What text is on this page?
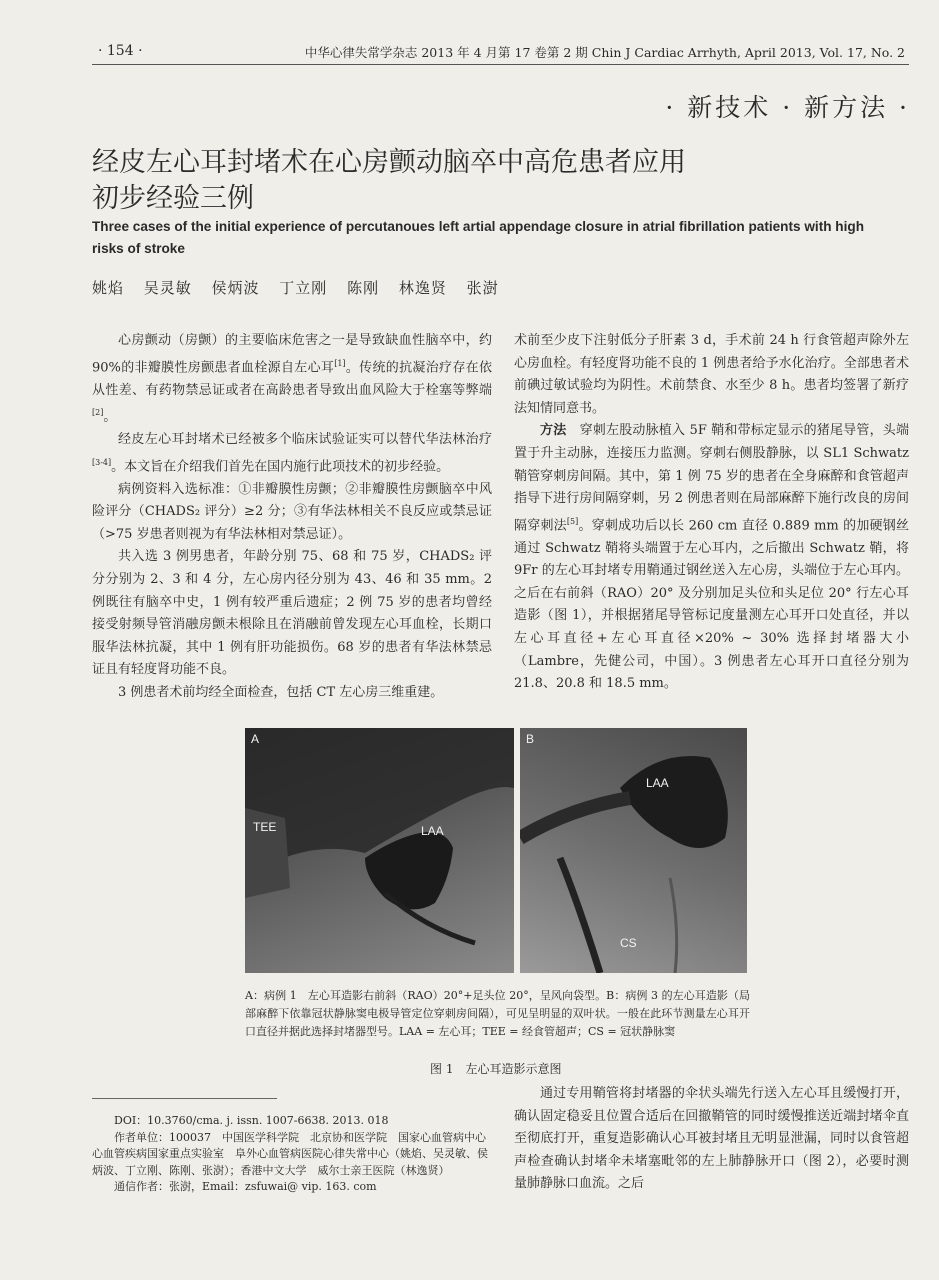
· 154 ·	中华心律失常学杂志 2013 年 4 月第 17 卷第 2 期 Chin J Cardiac Arrhyth, April 2013, Vol. 17, No. 2
· 新技术 · 新方法 ·
经皮左心耳封堵术在心房颤动脑卒中高危患者应用
初步经验三例
Three cases of the initial experience of percutanoues left artial appendage closure in atrial fibrillation patients with high risks of stroke
姚焰 吴灵敏 侯炳波 丁立刚 陈刚 林逸贤 张澍

心房颤动（房颤）的主要临床危害之一是导致缺血性脑卒中，约90%的非瓣膜性房颤患者血栓源自左心耳[1]。传统的抗凝治疗存在依从性差、有药物禁忌证或者在高龄患者导致出血风险大于栓塞等弊端[2]。

经皮左心耳封堵术已经被多个临床试验证实可以替代华法林治疗[3-4]。本文旨在介绍我们首先在国内施行此项技术的初步经验。

病例资料入选标准：①非瓣膜性房颤；②非瓣膜性房颤脑卒中风险评分（CHADS₂ 评分）≥2 分；③有华法林相关不良反应或禁忌证（>75 岁患者则视为有华法林相对禁忌证）。

共入选 3 例男患者，年龄分别 75、68 和 75 岁，CHADS₂ 评分分别为 2、3 和 4 分，左心房内径分别为 43、46 和 35 mm。2 例既往有脑卒中史，1 例有较严重后遗症；2 例 75 岁的患者均曾经接受射频导管消融房颤未根除且在消融前曾发现左心耳血栓，长期口服华法林抗凝，其中 1 例有肝功能损伤。68 岁的患者有华法林禁忌证且有轻度肾功能不良。

3 例患者术前均经全面检查，包括 CT 左心房三维重建。

术前至少皮下注射低分子肝素 3 d，手术前 24 h 行食管超声除外左心房血栓。有轻度肾功能不良的 1 例患者给予水化治疗。全部患者术前碘过敏试验均为阴性。术前禁食、水至少 8 h。患者均签署了新疗法知情同意书。

方法　 穿刺左股动脉植入 5F 鞘和带标定显示的猪尾导管，头端置于升主动脉，连接压力监测。穿刺右侧股静脉，以 SL1 Schwatz 鞘管穿刺房间隔。其中，第 1 例 75 岁的患者在全身麻醉和食管超声指导下进行房间隔穿刺，另 2 例患者则在局部麻醉下施行改良的房间隔穿刺法[5]。穿刺成功后以长 260 cm 直径 0.889 mm 的加硬钢丝通过 Schwatz 鞘将头端置于左心耳内，之后撤出 Schwatz 鞘，将 9Fr 的左心耳封堵专用鞘通过钢丝送入左心房，头端位于左心耳内。之后在右前斜（RAO）20° 及分别加足头位和头足位 20° 行左心耳造影（图 1），并根据猪尾导管标记度量测左心耳开口处直径，并以左心耳直径+左心耳直径×20% ~ 30% 选择封堵器大小（Lambre，先健公司，中国）。3 例患者左心耳开口直径分别为 21.8、20.8 和 18.5 mm。

A
TEE	LAA
B
LAA
CS
A：病例 1　左心耳造影右前斜（RAO）20°+足头位 20°，呈风向袋型。B：病例 3 的左心耳造影（局部麻醉下依靠冠状静脉窦电极导管定位穿刺房间隔），可见呈明显的双叶状。一般在此环节测量左心耳开口直径并据此选择封堵器型号。LAA = 左心耳；TEE = 经食管超声；CS = 冠状静脉窦
图 1　左心耳造影示意图
DOI：10.3760/cma. j. issn. 1007-6638. 2013. 018
作者单位：100037　中国医学科学院　北京协和医学院　国家心血管病中心　心血管疾病国家重点实验室　阜外心血管病医院心律失常中心（姚焰、吴灵敏、侯炳波、丁立刚、陈刚、张澍）；香港中文大学　威尔士亲王医院（林逸贤）
通信作者：张澍，Email：zsfuwai@ vip. 163. com

通过专用鞘管将封堵器的伞状头端先行送入左心耳且缓慢打开，确认固定稳妥且位置合适后在回撤鞘管的同时缓慢推送近端封堵伞直至彻底打开，重复造影确认心耳被封堵且无明显泄漏，同时以食管超声检查确认封堵伞未堵塞毗邻的左上肺静脉开口（图 2），必要时测量肺静脉口血流。之后
